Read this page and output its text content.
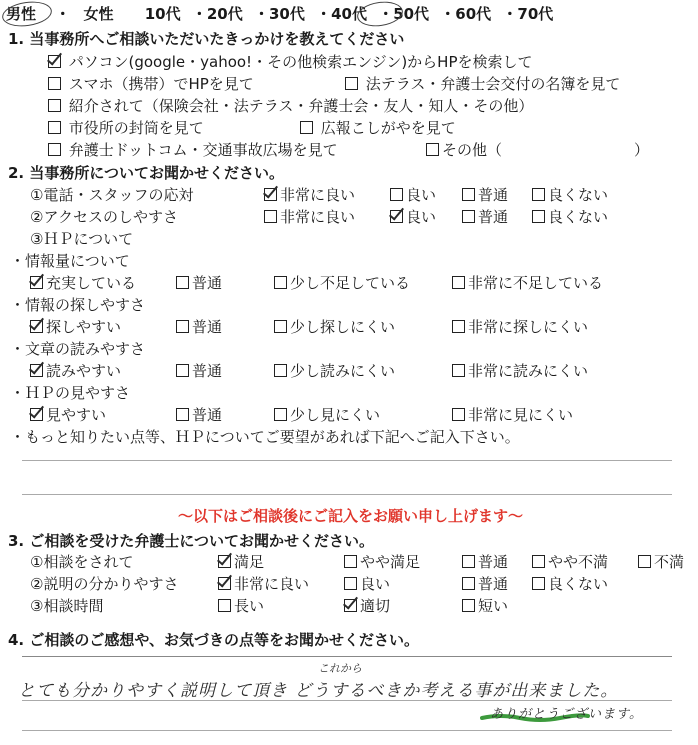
男性 ・ 女性 10代 ・20代 ・30代 ・40代 ・50代 ・60代 ・70代
1. 当事務所へご相談いただいたきっかけを教えてください
パソコン(google・yahoo!・その他検索エンジン)からHPを検索して
スマホ（携帯）でHPを見て	法テラス・弁護士会交付の名簿を見て
紹介されて（保険会社・法テラス・弁護士会・友人・知人・その他）
市役所の封筒を見て	広報こしがやを見て
弁護士ドットコム・交通事故広場を見て	その他（	）
2. 当事務所についてお聞かせください。
①電話・スタッフの応対	非常に良い	良い	普通	良くない
②アクセスのしやすさ	非常に良い	良い	普通	良くない
③ＨＰについて
・情報量について
充実している	普通	少し不足している	非常に不足している
・情報の探しやすさ
探しやすい	普通	少し探しにくい	非常に探しにくい
・文章の読みやすさ
読みやすい	普通	少し読みにくい	非常に読みにくい
・ＨＰの見やすさ
見やすい	普通	少し見にくい	非常に見にくい
・もっと知りたい点等、ＨＰについてご要望があれば下記へご記入下さい。
～以下はご相談後にご記入をお願い申し上げます～
3. ご相談を受けた弁護士についてお聞かせください。
①相談をされて	満足	やや満足	普通	やや不満	不満
②説明の分かりやすさ	非常に良い	良い	普通	良くない
③相談時間	長い	適切	短い
4. ご相談のご感想や、お気づきの点等をお聞かせください。
これから
とても分かりやすく説明して頂き どうするべきか考える事が出来ました。
ありがとうございます。
